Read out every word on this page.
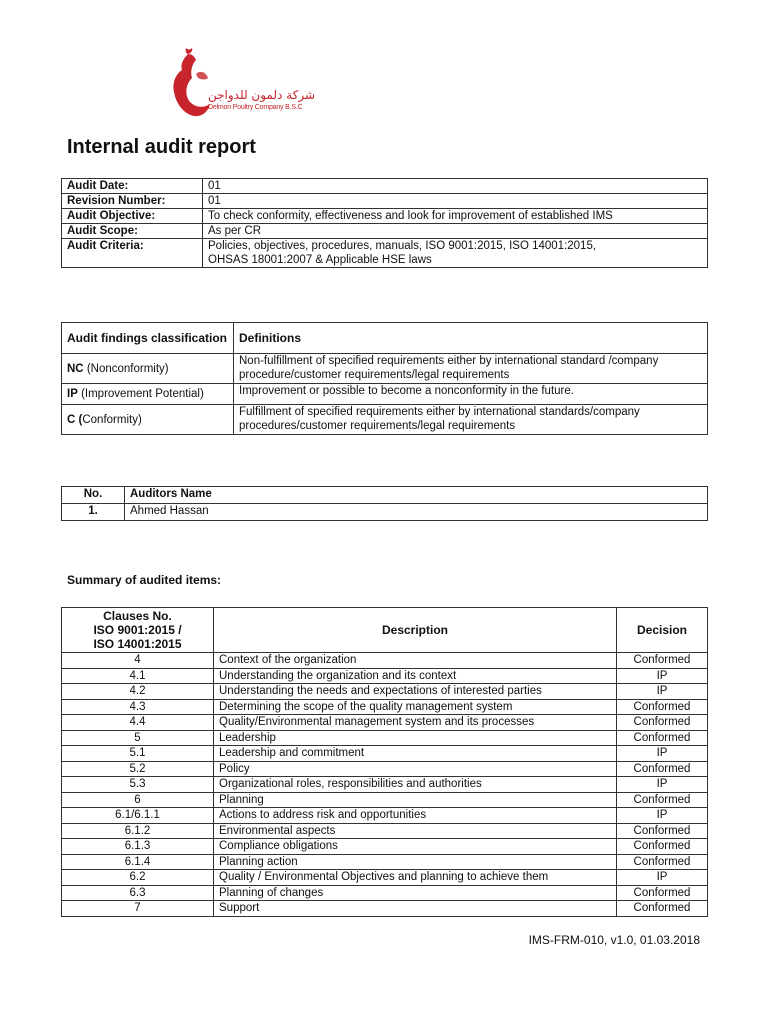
شركة دلمون للدواجن
Delmon Poultry Company B.S.C
Internal audit report
Audit Date:	01
Revision Number:	01
Audit Objective:	To check conformity, effectiveness and look for improvement of established IMS
Audit Scope:	As per CR
Audit Criteria:	Policies, objectives, procedures, manuals, ISO 9001:2015, ISO 14001:2015,
OHSAS 18001:2007 & Applicable HSE laws
Audit findings classification	Definitions
NC (Nonconformity)	Non-fulfillment of specified requirements either by international standard /company procedure/customer requirements/legal requirements
IP (Improvement Potential)	Improvement or possible to become a nonconformity in the future.
C (Conformity)	Fulfillment of specified requirements either by international standards/company procedures/customer requirements/legal requirements
No.	Auditors Name
1.	Ahmed Hassan
Summary of audited items:
Clauses No.
ISO 9001:2015 /
ISO 14001:2015	Description	Decision
4	Context of the organization	Conformed
4.1	Understanding the organization and its context	IP
4.2	Understanding the needs and expectations of interested parties	IP
4.3	Determining the scope of the quality management system	Conformed
4.4	Quality/Environmental management system and its processes	Conformed
5	Leadership	Conformed
5.1	Leadership and commitment	IP
5.2	Policy	Conformed
5.3	Organizational roles, responsibilities and authorities	IP
6	Planning	Conformed
6.1/6.1.1	Actions to address risk and opportunities	IP
6.1.2	Environmental aspects	Conformed
6.1.3	Compliance obligations	Conformed
6.1.4	Planning action	Conformed
6.2	Quality / Environmental Objectives and planning to achieve them	IP
6.3	Planning of changes	Conformed
7	Support	Conformed
IMS-FRM-010, v1.0, 01.03.2018
